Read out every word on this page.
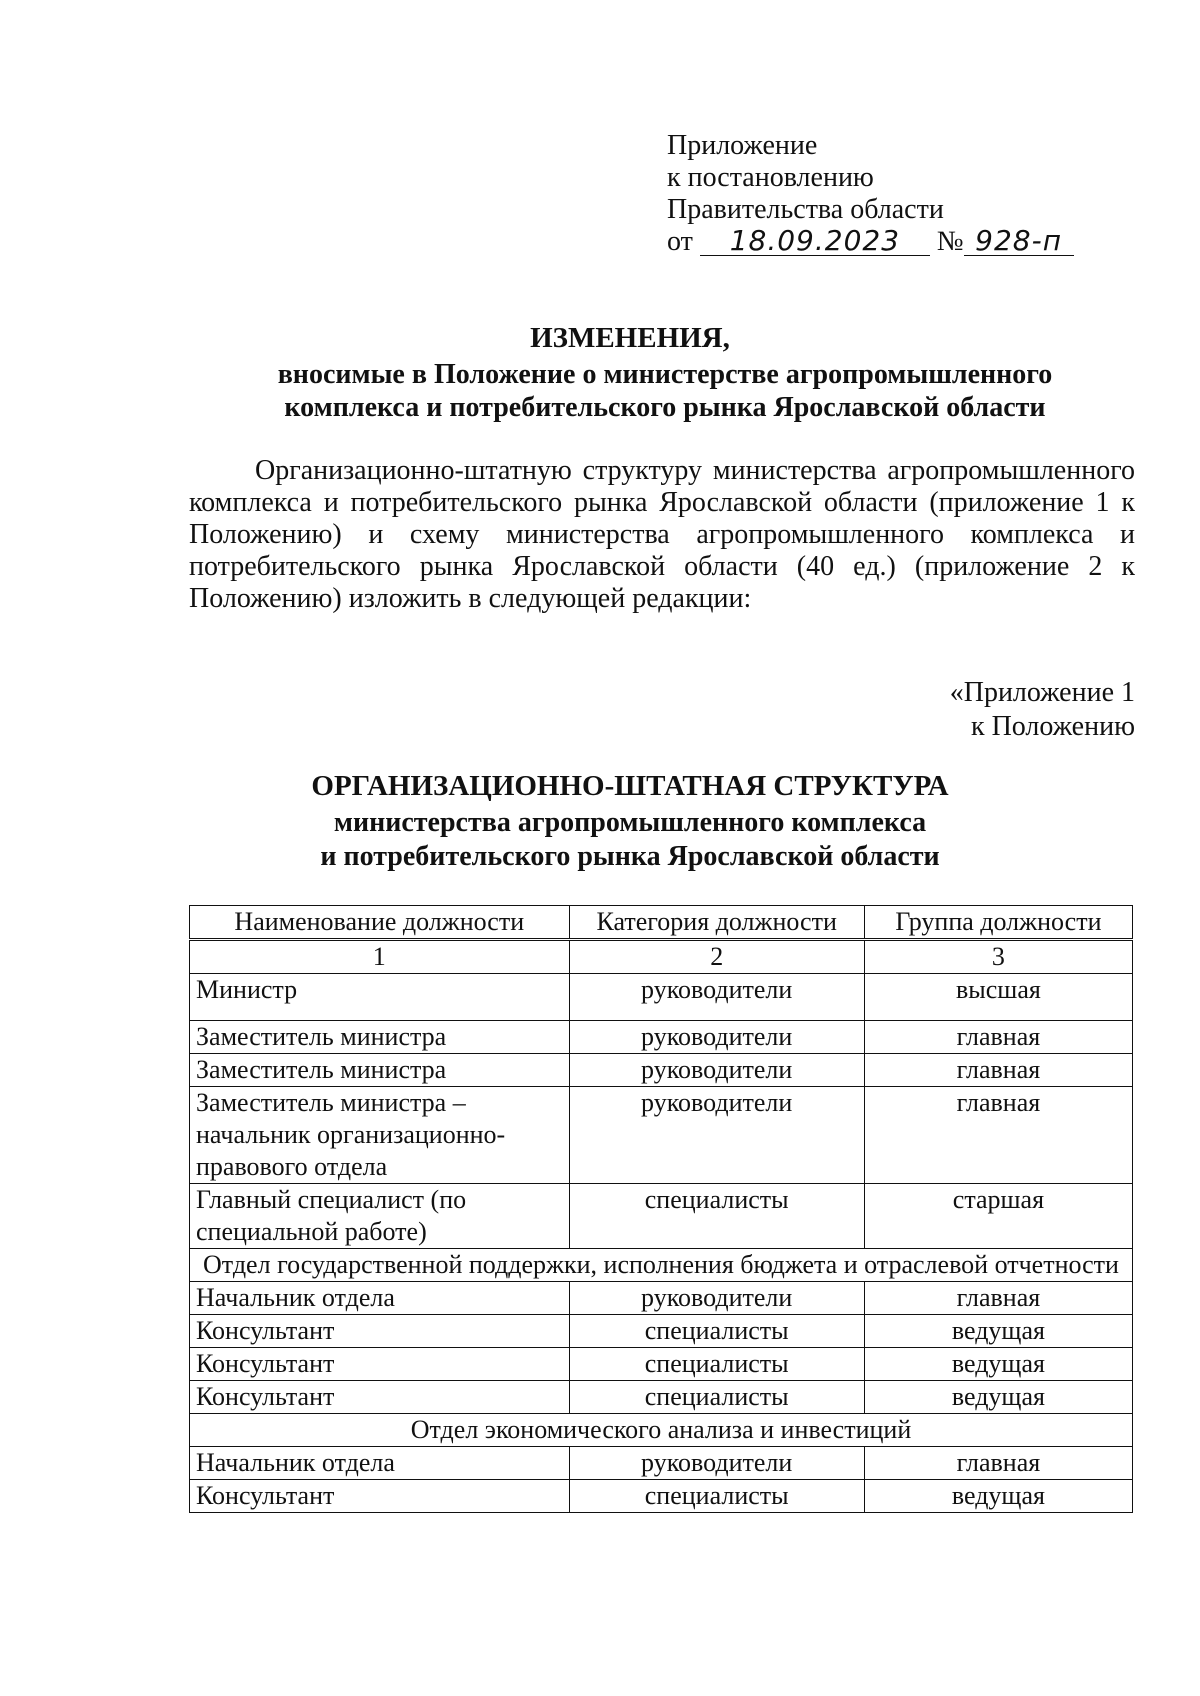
Приложение
к постановлению
Правительства области
от 18.09.2023 № 928-п
ИЗМЕНЕНИЯ,
вносимые в Положение о министерстве агропромышленного
комплекса и потребительского рынка Ярославской области
Организационно-штатную структуру министерства агропромышленного комплекса и потребительского рынка Ярославской области (приложение 1 к Положению) и схему министерства агропромышленного комплекса и потребительского рынка Ярославской области (40 ед.) (приложение 2 к Положению) изложить в следующей редакции:
«Приложение 1
к Положению
ОРГАНИЗАЦИОННО-ШТАТНАЯ СТРУКТУРА
министерства агропромышленного комплекса
и потребительского рынка Ярославской области
Наименование должности	Категория должности	Группа должности
1	2	3
Министр	руководители	высшая
Заместитель министра	руководители	главная
Заместитель министра	руководители	главная
Заместитель министра – начальник организационно-правового отдела	руководители	главная
Главный специалист (по специальной работе)	специалисты	старшая
Отдел государственной поддержки, исполнения бюджета и отраслевой отчетности		
Начальник отдела	руководители	главная
Консультант	специалисты	ведущая
Консультант	специалисты	ведущая
Консультант	специалисты	ведущая
Отдел экономического анализа и инвестиций		
Начальник отдела	руководители	главная
Консультант	специалисты	ведущая
